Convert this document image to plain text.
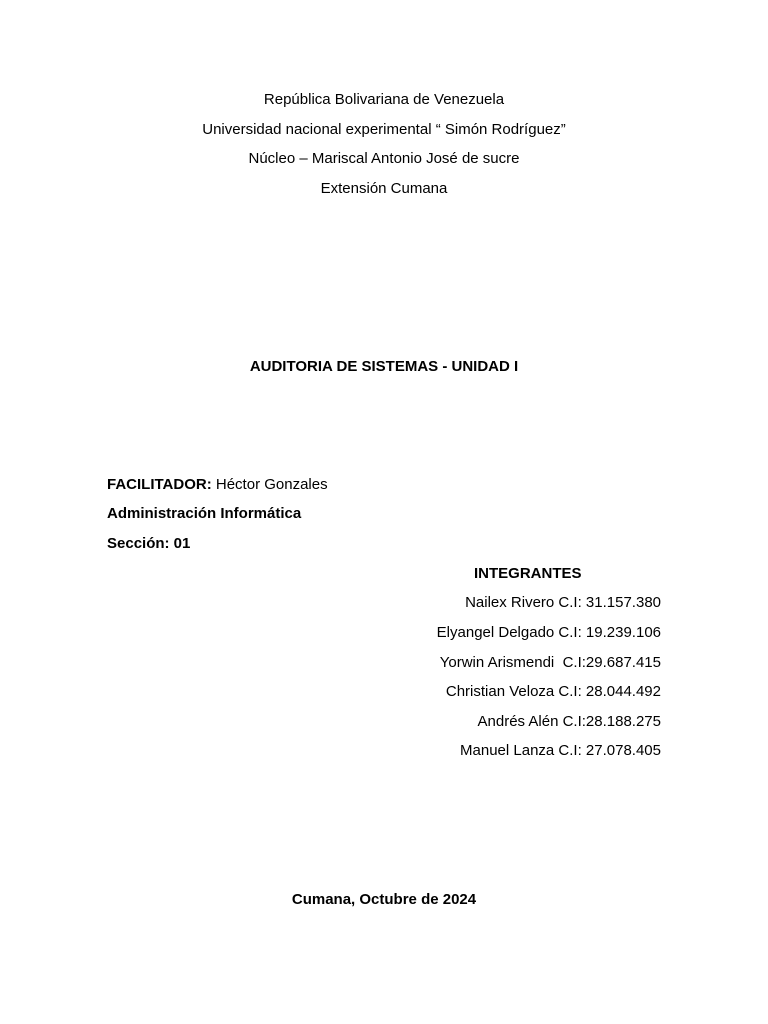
República Bolivariana de Venezuela
Universidad nacional experimental “ Simón Rodríguez”
Núcleo – Mariscal Antonio José de sucre
Extensión Cumana
AUDITORIA DE SISTEMAS - UNIDAD I
FACILITADOR: Héctor Gonzales
Administración Informática
Sección: 01
INTEGRANTES
Nailex Rivero C.I: 31.157.380
Elyangel Delgado C.I: 19.239.106
Yorwin Arismendi  C.I:29.687.415
Christian Veloza C.I: 28.044.492
Andrés Alén C.I:28.188.275
Manuel Lanza C.I: 27.078.405
Cumana, Octubre de 2024
